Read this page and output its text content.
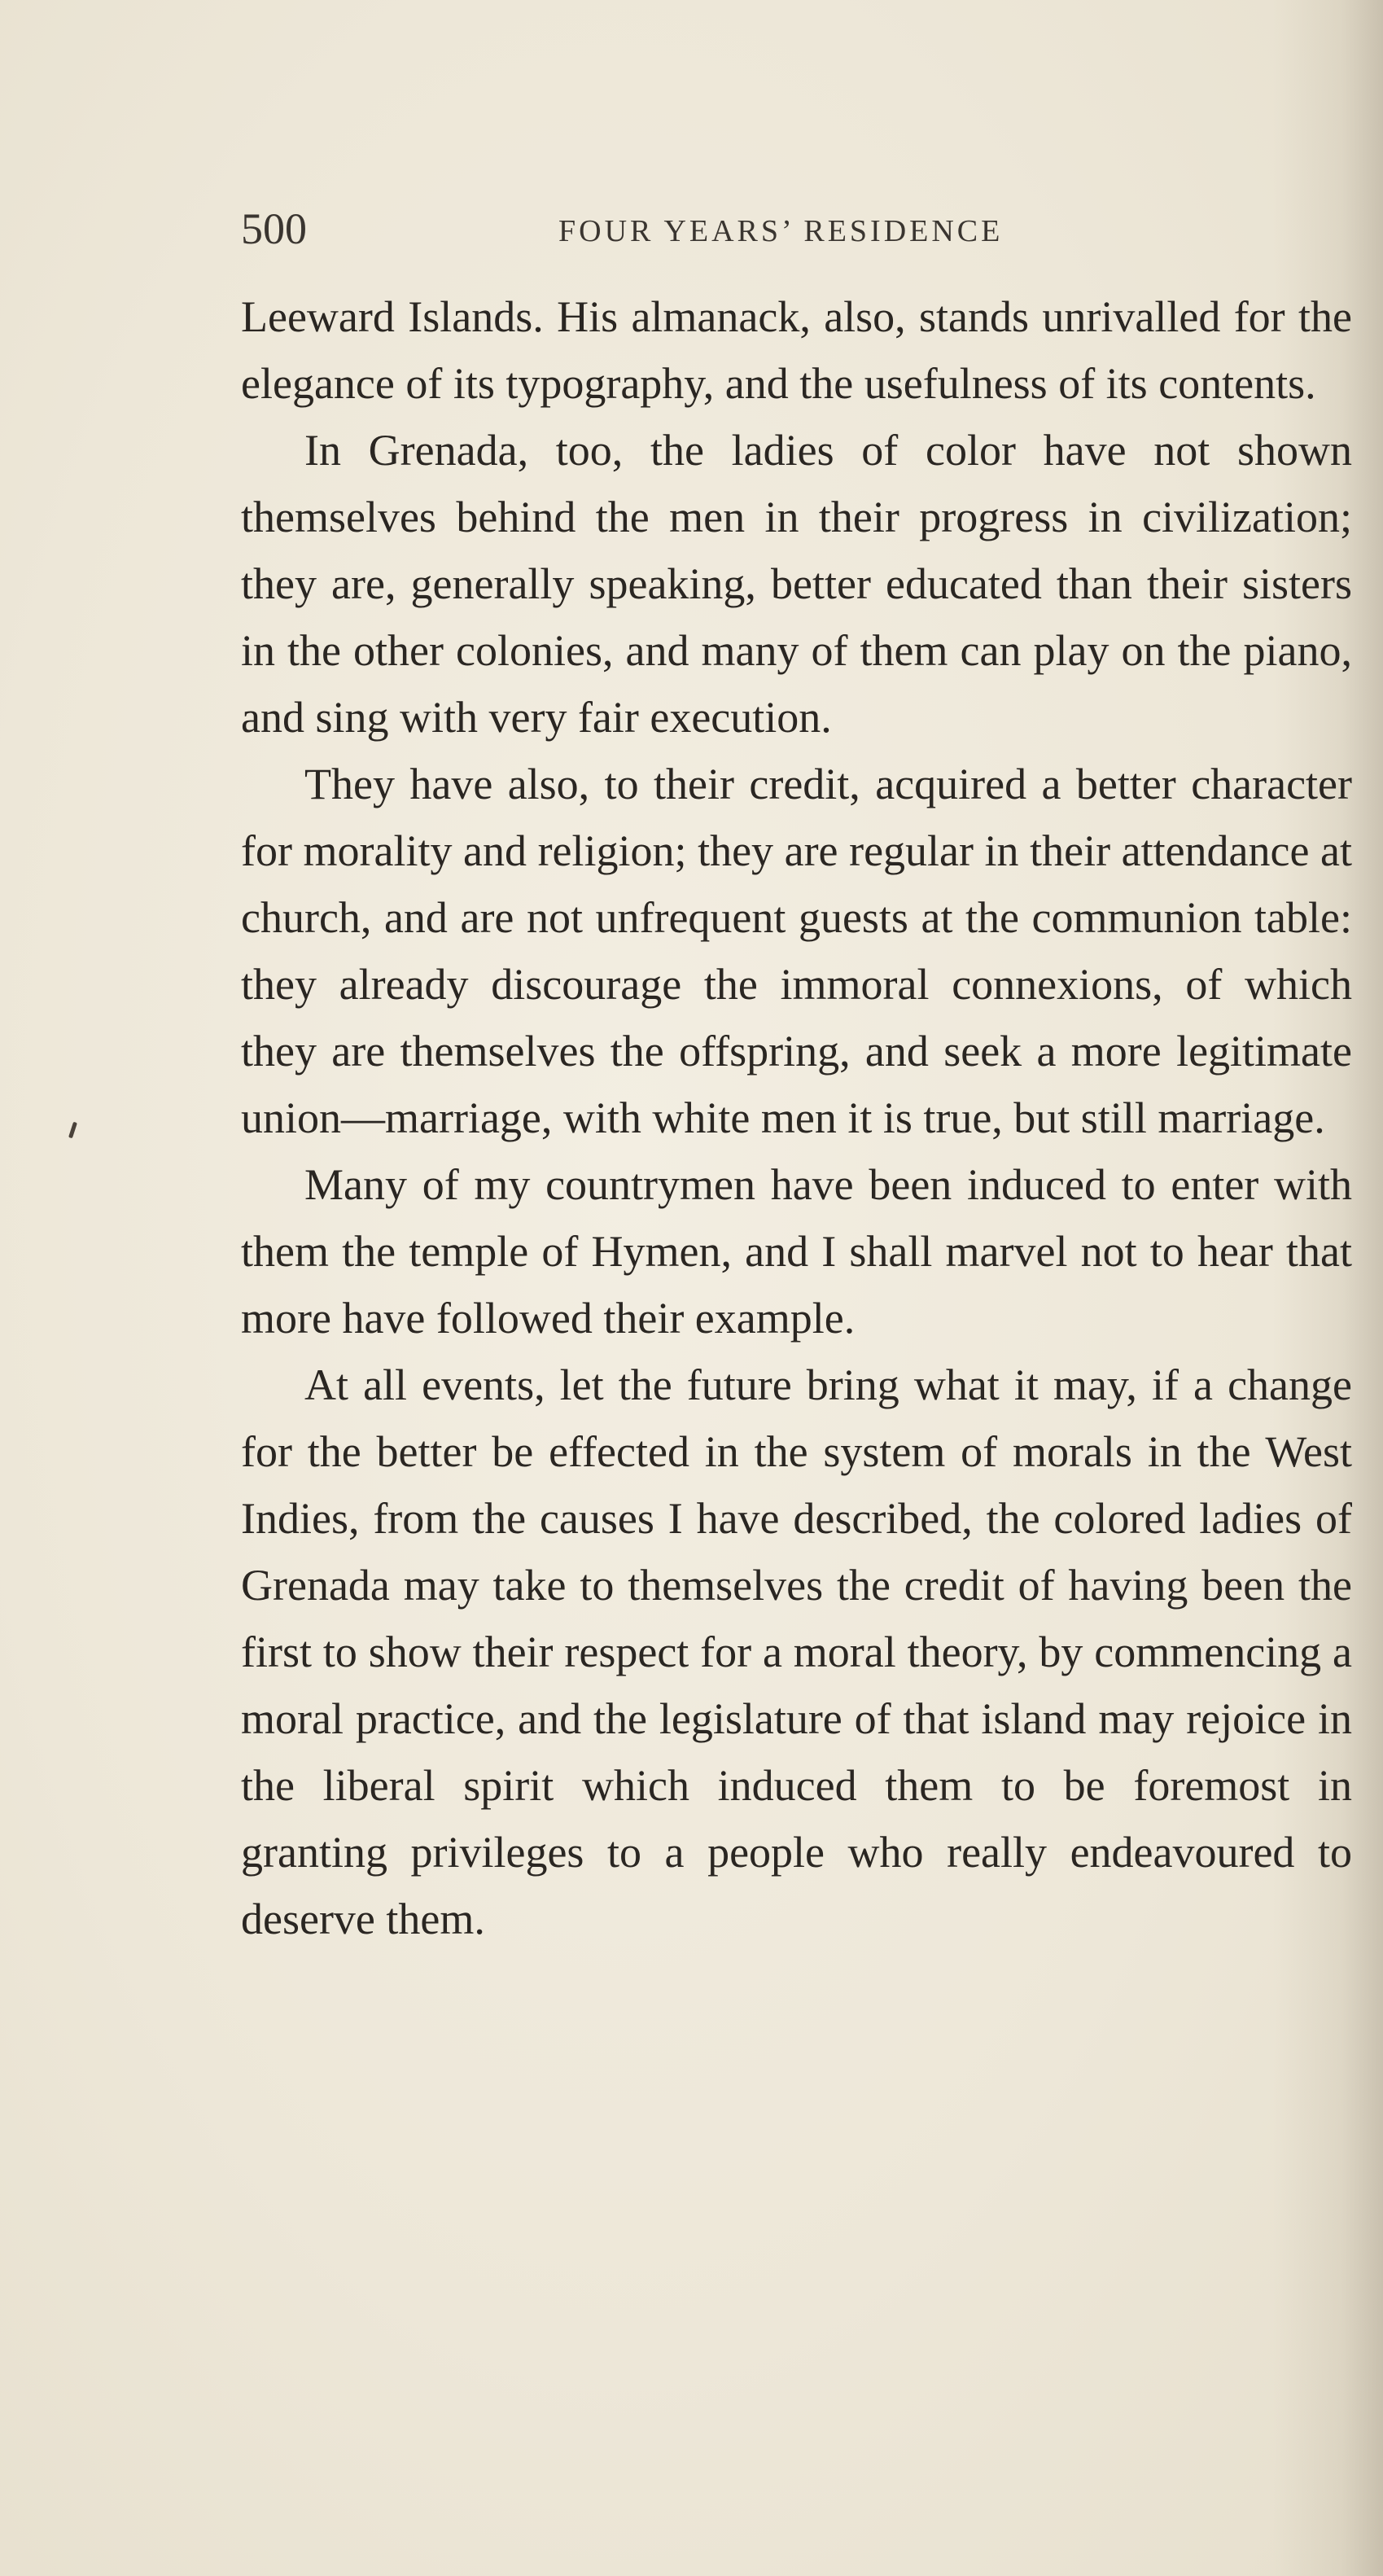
500	FOUR YEARS’ RESIDENCE

Leeward Islands. His almanack, also, stands unrivalled for the elegance of its typography, and the usefulness of its contents.

In Grenada, too, the ladies of color have not shown themselves behind the men in their progress in civilization; they are, generally speaking, better educated than their sisters in the other colonies, and many of them can play on the piano, and sing with very fair execution.

They have also, to their credit, acquired a better character for morality and religion; they are regular in their attendance at church, and are not unfrequent guests at the communion table: they already discourage the immoral connexions, of which they are themselves the offspring, and seek a more legitimate union—marriage, with white men it is true, but still marriage.

Many of my countrymen have been induced to enter with them the temple of Hymen, and I shall marvel not to hear that more have followed their example.

At all events, let the future bring what it may, if a change for the better be effected in the system of morals in the West Indies, from the causes I have described, the colored ladies of Grenada may take to themselves the credit of having been the first to show their respect for a moral theory, by commencing a moral practice, and the legislature of that island may rejoice in the liberal spirit which induced them to be foremost in granting privileges to a people who really endeavoured to deserve them.
